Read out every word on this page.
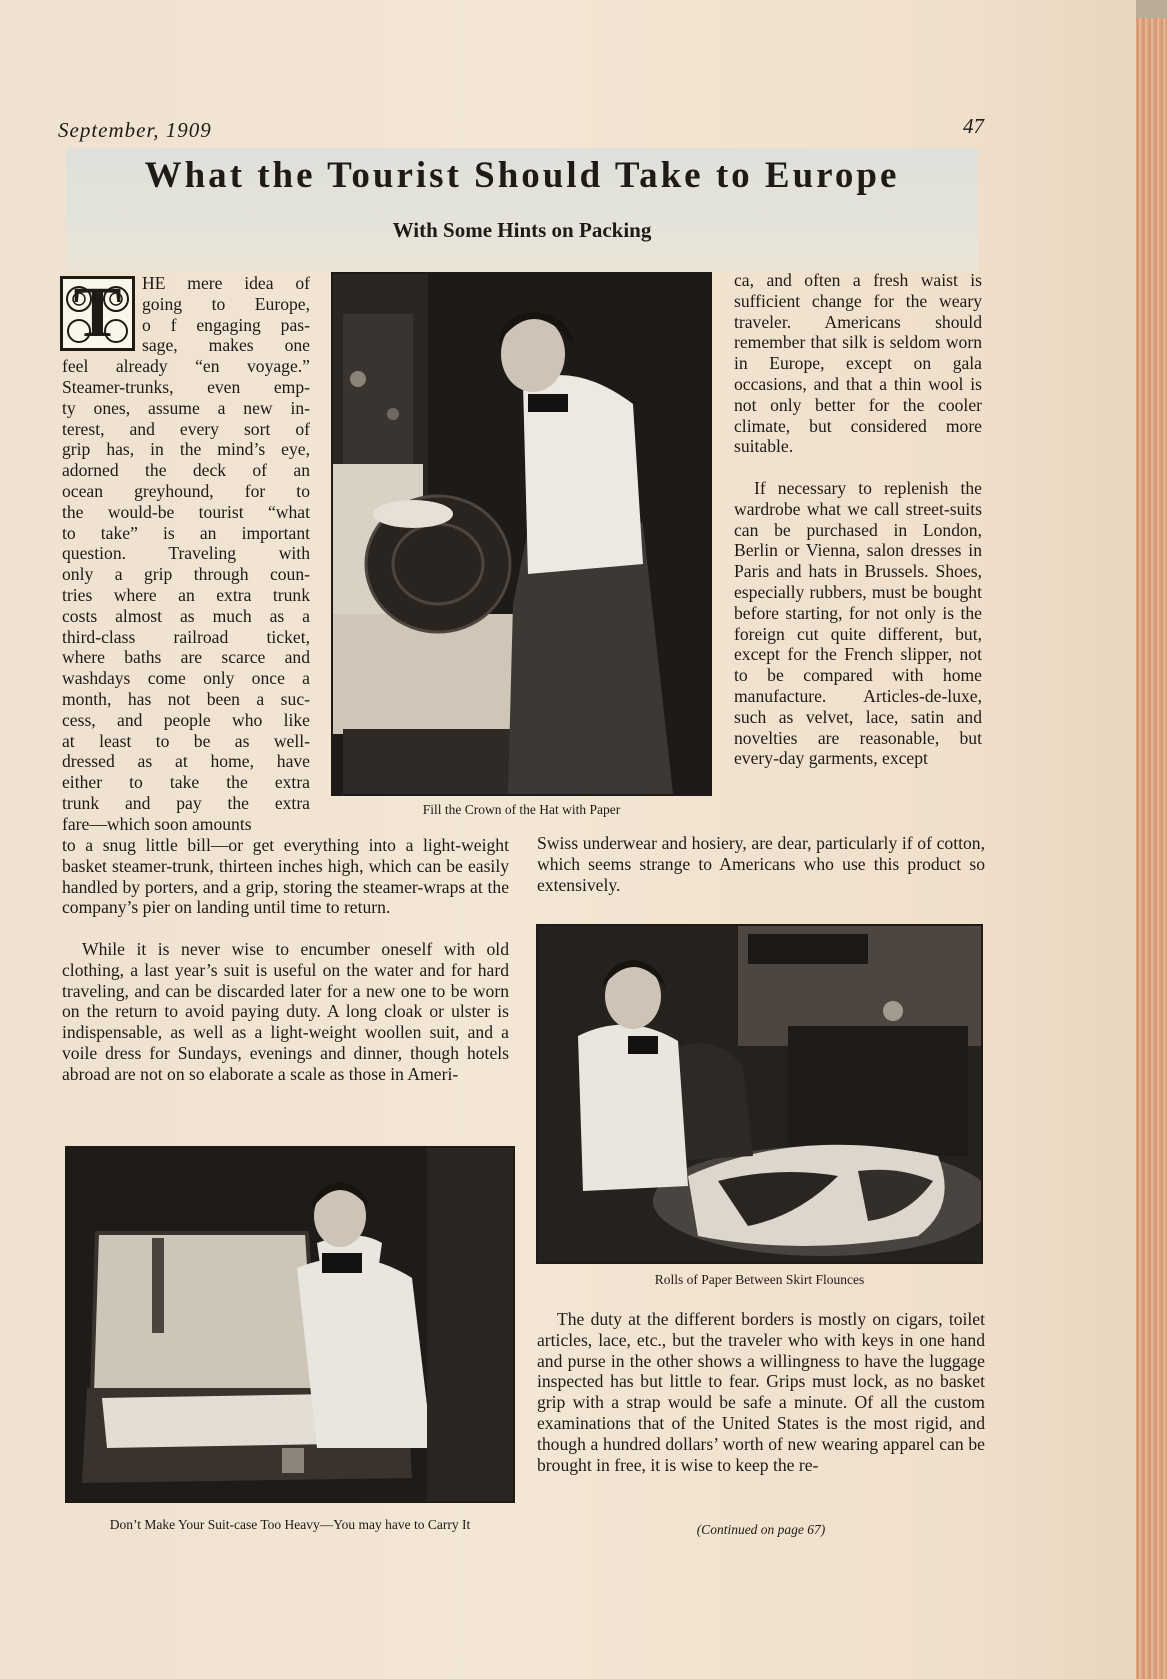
September, 1909	47
What the Tourist Should Take to Europe
With Some Hints on Packing
T	HE mere idea of
going to Europe,
o f engaging pas-
sage, makes one
feel already “en voyage.”
Steamer-trunks, even emp-
ty ones, assume a new in-
terest, and every sort of
grip has, in the mind’s eye,
adorned the deck of an
ocean greyhound, for to
the would-be tourist “what
to take” is an important
question. Traveling with
only a grip through coun-
tries where an extra trunk
costs almost as much as a
third-class railroad ticket,
where baths are scarce and
washdays come only once a
month, has not been a suc-
cess, and people who like
at least to be as well-
dressed as at home, have
either to take the extra
trunk and pay the extra
fare—which soon amounts

to a snug little bill—or get everything into a light-weight basket steamer-trunk, thirteen inches high, which can be easily handled by porters, and a grip, storing the steamer-wraps at the company’s pier on landing until time to return.

While it is never wise to encumber oneself with old clothing, a last year’s suit is useful on the water and for hard traveling, and can be discarded later for a new one to be worn on the return to avoid paying duty. A long cloak or ulster is indispensable, as well as a light-weight woollen suit, and a voile dress for Sundays, evenings and dinner, though hotels abroad are not on so elaborate a scale as those in Ameri-

ca, and often a fresh waist is sufficient change for the weary traveler. Americans should remember that silk is seldom worn in Europe, except on gala occasions, and that a thin wool is not only better for the cooler climate, but considered more suitable.

If necessary to replenish the wardrobe what we call street-suits can be purchased in London, Berlin or Vienna, salon dresses in Paris and hats in Brussels. Shoes, especially rubbers, must be bought before starting, for not only is the foreign cut quite different, but, except for the French slipper, not to be compared with home manufacture. Articles-de-luxe, such as velvet, lace, satin and novelties are reasonable, but every-day garments, except

Swiss underwear and hosiery, are dear, particularly if of cotton, which seems strange to Americans who use this product so extensively.

The duty at the different borders is mostly on cigars, toilet articles, lace, etc., but the traveler who with keys in one hand and purse in the other shows a willingness to have the luggage inspected has but little to fear. Grips must lock, as no basket grip with a strap would be safe a minute. Of all the custom examinations that of the United States is the most rigid, and though a hundred dollars’ worth of new wearing apparel can be brought in free, it is wise to keep the re-

(Continued on page 67)
Fill the Crown of the Hat with Paper
Rolls of Paper Between Skirt Flounces
Don’t Make Your Suit-case Too Heavy—You may have to Carry It
